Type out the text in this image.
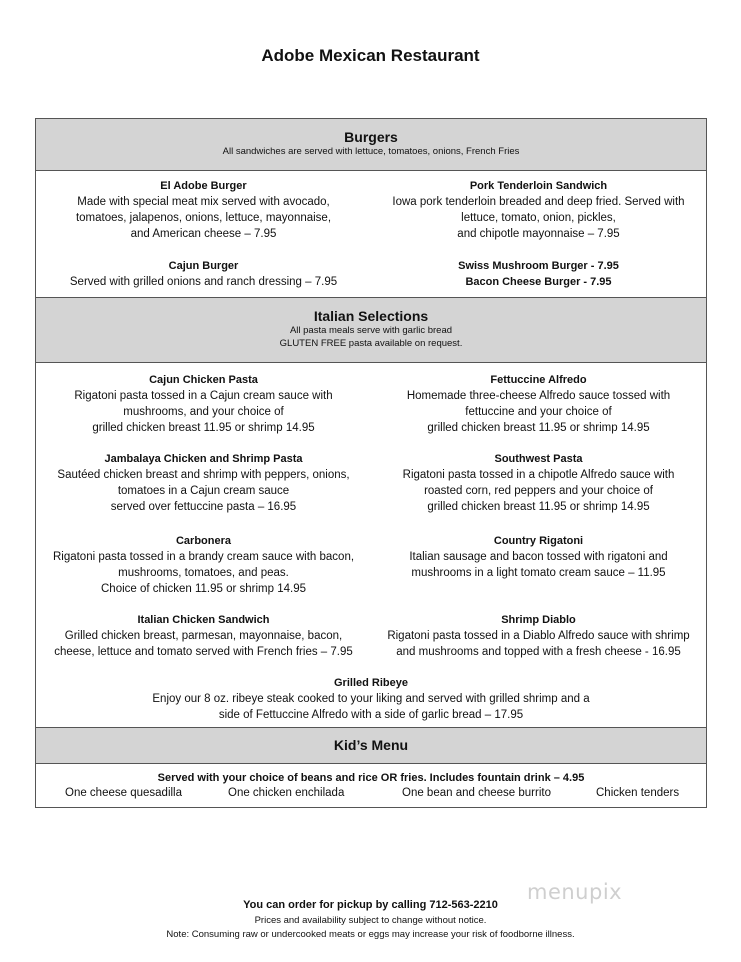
Adobe Mexican Restaurant
Burgers
All sandwiches are served with lettuce, tomatoes, onions, French Fries
El Adobe Burger
Made with special meat mix served with avocado,
tomatoes, jalapenos, onions, lettuce, mayonnaise,
and American cheese – 7.95
Pork Tenderloin Sandwich
Iowa pork tenderloin breaded and deep fried. Served with
lettuce, tomato, onion, pickles,
and chipotle mayonnaise – 7.95
Cajun Burger
Served with grilled onions and ranch dressing – 7.95
Swiss Mushroom Burger - 7.95
Bacon Cheese Burger - 7.95
Italian Selections
All pasta meals serve with garlic bread
GLUTEN FREE pasta available on request.
Cajun Chicken Pasta
Rigatoni pasta tossed in a Cajun cream sauce with
mushrooms, and your choice of
grilled chicken breast 11.95 or shrimp 14.95
Fettuccine Alfredo
Homemade three-cheese Alfredo sauce tossed with
fettuccine and your choice of
grilled chicken breast 11.95 or shrimp 14.95
Jambalaya Chicken and Shrimp Pasta
Sautéed chicken breast and shrimp with peppers, onions,
tomatoes in a Cajun cream sauce
served over fettuccine pasta – 16.95
Southwest Pasta
Rigatoni pasta tossed in a chipotle Alfredo sauce with
roasted corn, red peppers and your choice of
grilled chicken breast 11.95 or shrimp 14.95
Carbonera
Rigatoni pasta tossed in a brandy cream sauce with bacon,
mushrooms, tomatoes, and peas.
Choice of chicken 11.95 or shrimp 14.95
Country Rigatoni
Italian sausage and bacon tossed with rigatoni and
mushrooms in a light tomato cream sauce – 11.95
Italian Chicken Sandwich
Grilled chicken breast, parmesan, mayonnaise, bacon,
cheese, lettuce and tomato served with French fries – 7.95
Shrimp Diablo
Rigatoni pasta tossed in a Diablo Alfredo sauce with shrimp
and mushrooms and topped with a fresh cheese - 16.95
Grilled Ribeye
Enjoy our 8 oz. ribeye steak cooked to your liking and served with grilled shrimp and a
side of Fettuccine Alfredo with a side of garlic bread – 17.95
Kid’s Menu
Served with your choice of beans and rice OR fries. Includes fountain drink – 4.95
One cheese quesadilla	One chicken enchilada	One bean and cheese burrito	Chicken tenders
menupix
You can order for pickup by calling 712-563-2210
Prices and availability subject to change without notice.
Note: Consuming raw or undercooked meats or eggs may increase your risk of foodborne illness.
